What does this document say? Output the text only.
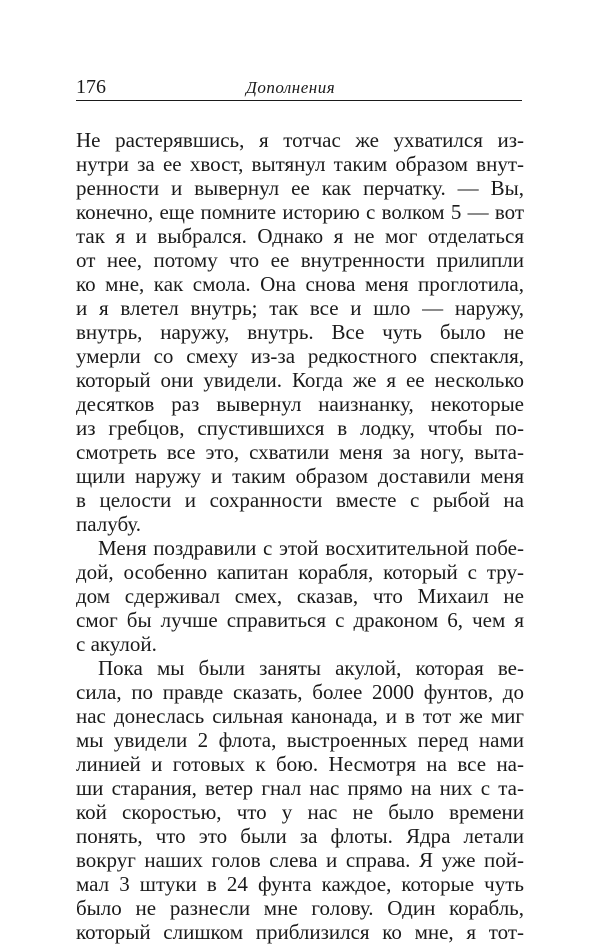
176	Дополнения
Не растерявшись, я тотчас же ухватился из-
нутри за ее хвост, вытянул таким образом внут-
ренности и вывернул ее как перчатку. — Вы,
конечно, еще помните историю с волком 5 — вот
так я и выбрался. Однако я не мог отделаться
от нее, потому что ее внутренности прилипли
ко мне, как смола. Она снова меня проглотила,
и я влетел внутрь; так все и шло — наружу,
внутрь, наружу, внутрь. Все чуть было не
умерли со смеху из-за редкостного спектакля,
который они увидели. Когда же я ее несколько
десятков раз вывернул наизнанку, некоторые
из гребцов, спустившихся в лодку, чтобы по-
смотреть все это, схватили меня за ногу, выта-
щили наружу и таким образом доставили меня
в целости и сохранности вместе с рыбой на
палубу.
Меня поздравили с этой восхитительной побе-
дой, особенно капитан корабля, который с тру-
дом сдерживал смех, сказав, что Михаил не
смог бы лучше справиться с драконом 6, чем я
с акулой.
Пока мы были заняты акулой, которая ве-
сила, по правде сказать, более 2000 фунтов, до
нас донеслась сильная канонада, и в тот же миг
мы увидели 2 флота, выстроенных перед нами
линией и готовых к бою. Несмотря на все на-
ши старания, ветер гнал нас прямо на них с та-
кой скоростью, что у нас не было времени
понять, что это были за флоты. Ядра летали
вокруг наших голов слева и справа. Я уже пой-
мал 3 штуки в 24 фунта каждое, которые чуть
было не разнесли мне голову. Один корабль,
который слишком приблизился ко мне, я тот-
